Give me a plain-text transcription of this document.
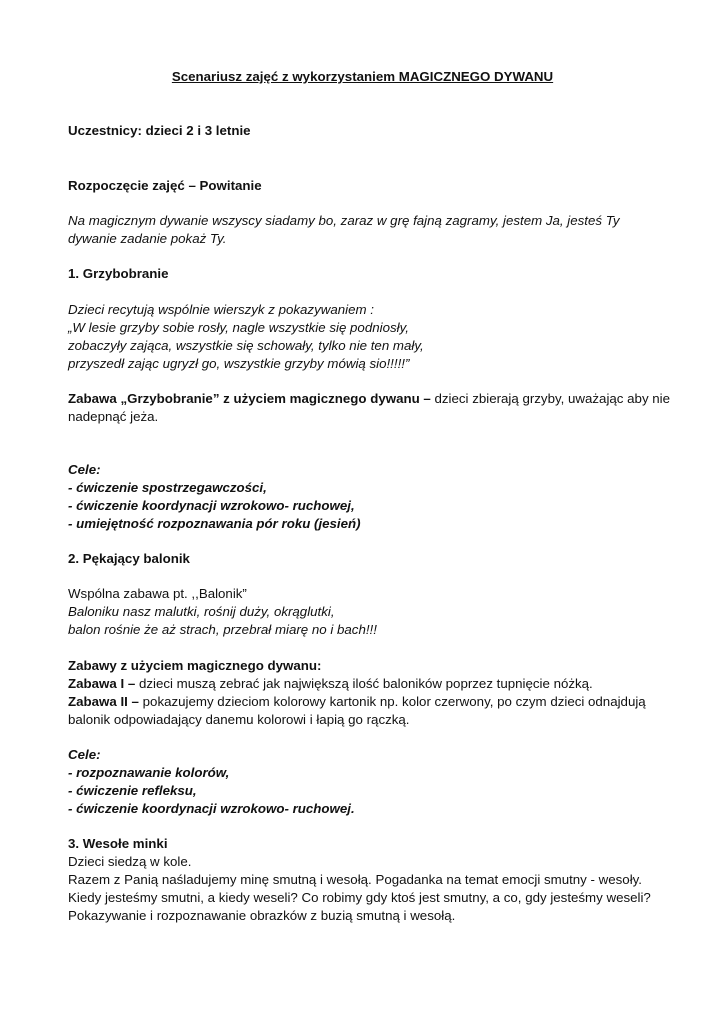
Scenariusz zajęć z wykorzystaniem MAGICZNEGO DYWANU
Uczestnicy: dzieci 2 i 3 letnie
Rozpoczęcie zajęć – Powitanie
Na magicznym dywanie wszyscy siadamy bo, zaraz w grę fajną zagramy, jestem Ja, jesteś Ty
dywanie zadanie pokaż Ty.
1. Grzybobranie
Dzieci recytują wspólnie wierszyk z pokazywaniem :
„W lesie grzyby sobie rosły, nagle wszystkie się podniosły,
zobaczyły zająca, wszystkie się schowały, tylko nie ten mały,
przyszedł zając ugryzł go, wszystkie grzyby mówią sio!!!!!”
Zabawa „Grzybobranie” z użyciem magicznego dywanu – dzieci zbierają grzyby, uważając aby nie
nadepnąć jeża.
Cele:
- ćwiczenie spostrzegawczości,
- ćwiczenie koordynacji wzrokowo- ruchowej,
- umiejętność rozpoznawania pór roku (jesień)
2. Pękający balonik
Wspólna zabawa pt. ,,Balonik”
Baloniku nasz malutki, rośnij duży, okrąglutki,
balon rośnie że aż strach, przebrał miarę no i bach!!!
Zabawy z użyciem magicznego dywanu:
Zabawa I – dzieci muszą zebrać jak największą ilość baloników poprzez tupnięcie nóżką.
Zabawa II – pokazujemy dzieciom kolorowy kartonik np. kolor czerwony, po czym dzieci odnajdują
balonik odpowiadający danemu kolorowi i łapią go rączką.
Cele:
- rozpoznawanie kolorów,
- ćwiczenie refleksu,
- ćwiczenie koordynacji wzrokowo- ruchowej.
3. Wesołe minki
Dzieci siedzą w kole.
Razem z Panią naśladujemy minę smutną i wesołą. Pogadanka na temat emocji smutny - wesoły.
Kiedy jesteśmy smutni, a kiedy weseli? Co robimy gdy ktoś jest smutny, a co, gdy jesteśmy weseli?
Pokazywanie i rozpoznawanie obrazków z buzią smutną i wesołą.
